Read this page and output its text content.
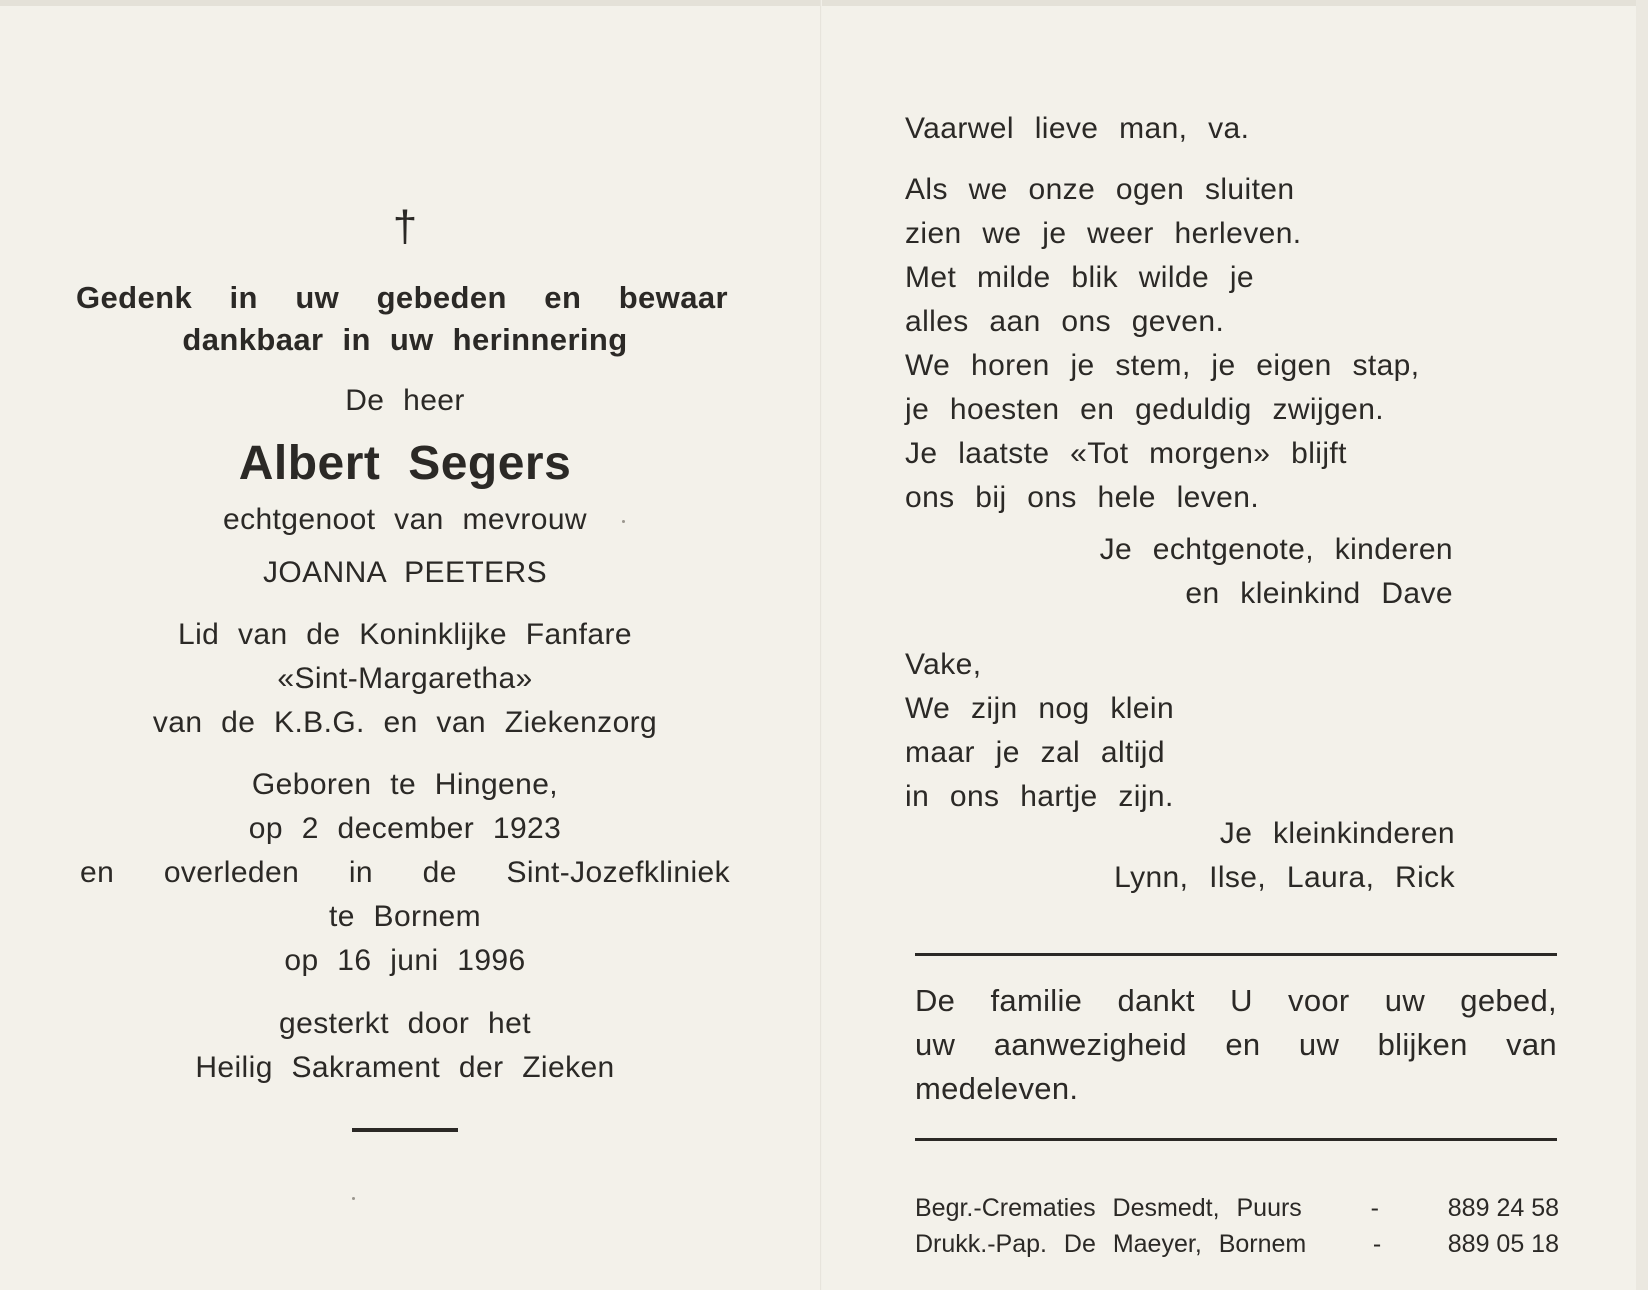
†
Gedenk in uw gebeden en bewaar
dankbaar in uw herinnering
De heer
Albert Segers
echtgenoot van mevrouw
JOANNA PEETERS
Lid van de Koninklijke Fanfare
«Sint-Margaretha»
van de K.B.G. en van Ziekenzorg
Geboren te Hingene,
op 2 december 1923
en overleden in de Sint-Jozefkliniek
te Bornem
op 16 juni 1996
gesterkt door het
Heilig Sakrament der Zieken
Vaarwel lieve man, va.
Als we onze ogen sluiten
zien we je weer herleven.
Met milde blik wilde je
alles aan ons geven.
We horen je stem, je eigen stap,
je hoesten en geduldig zwijgen.
Je laatste «Tot morgen» blijft
ons bij ons hele leven.
Je echtgenote, kinderen
en kleinkind Dave
Vake,
We zijn nog klein
maar je zal altijd
in ons hartje zijn.
Je kleinkinderen
Lynn, Ilse, Laura, Rick
De familie dankt U voor uw gebed,
uw aanwezigheid en uw blijken van
medeleven.
Begr.-Crematies Desmedt, Puurs	-	889 24 58
Drukk.-Pap. De Maeyer, Bornem	-	889 05 18
